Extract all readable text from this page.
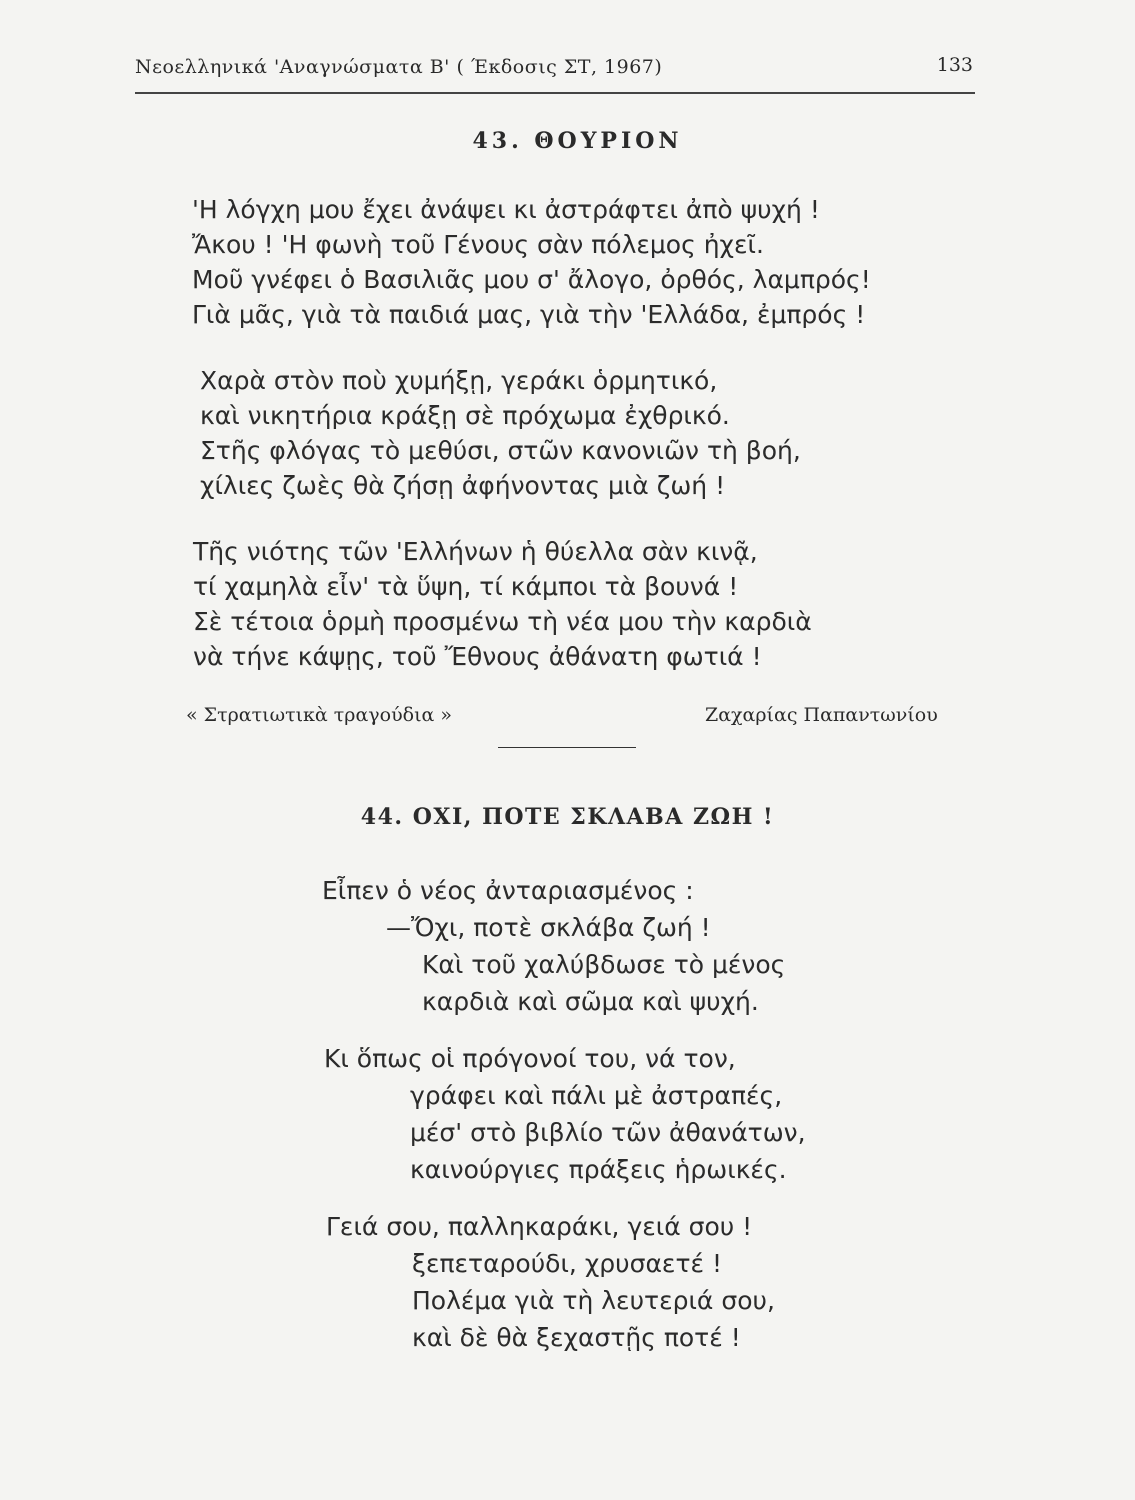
Νεοελληνικά 'Αναγνώσματα Β' ( Έκδοσις ΣΤ, 1967)	133
43. ΘΟΥΡΙΟΝ
'Η λόγχη μου ἔχει ἀνάψει κι ἀστράφτει ἀπὸ ψυχή !
Ἄκου ! 'Η φωνὴ τοῦ Γένους σὰν πόλεμος ἠχεῖ.
Μοῦ γνέφει ὁ Βασιλιᾶς μου σ' ἄλογο, ὀρθός, λαμπρός!
Γιὰ μᾶς, γιὰ τὰ παιδιά μας, γιὰ τὴν 'Ελλάδα, ἐμπρός !
Χαρὰ στὸν ποὺ χυμήξῃ, γεράκι ὁρμητικό,
καὶ νικητήρια κράξῃ σὲ πρόχωμα ἐχθρικό.
Στῆς φλόγας τὸ μεθύσι, στῶν κανονιῶν τὴ βοή,
χίλιες ζωὲς θὰ ζήσῃ ἀφήνοντας μιὰ ζωή !
Τῆς νιότης τῶν 'Ελλήνων ἡ θύελλα σὰν κινᾷ,
τί χαμηλὰ εἶν' τὰ ὕψη, τί κάμποι τὰ βουνά !
Σὲ τέτοια ὁρμὴ προσμένω τὴ νέα μου τὴν καρδιὰ
νὰ τήνε κάψῃς, τοῦ Ἔθνους ἀθάνατη φωτιά !
« Στρατιωτικὰ τραγούδια »	Ζαχαρίας Παπαντωνίου
44. ΟΧΙ, ΠΟΤΕ ΣΚΛΑΒΑ ΖΩΗ !
Εἶπεν ὁ νέος ἀνταριασμένος :
—Ὄχι, ποτὲ σκλάβα ζωή !
Καὶ τοῦ χαλύβδωσε τὸ μένος
καρδιὰ καὶ σῶμα καὶ ψυχή.
Κι ὅπως οἱ πρόγονοί του, νά τον,
γράφει καὶ πάλι μὲ ἀστραπές,
μέσ' στὸ βιβλίο τῶν ἀθανάτων,
καινούργιες πράξεις ἡρωικές.
Γειά σου, παλληκαράκι, γειά σου !
ξεπεταρούδι, χρυσαετέ !
Πολέμα γιὰ τὴ λευτεριά σου,
καὶ δὲ θὰ ξεχαστῇς ποτέ !
